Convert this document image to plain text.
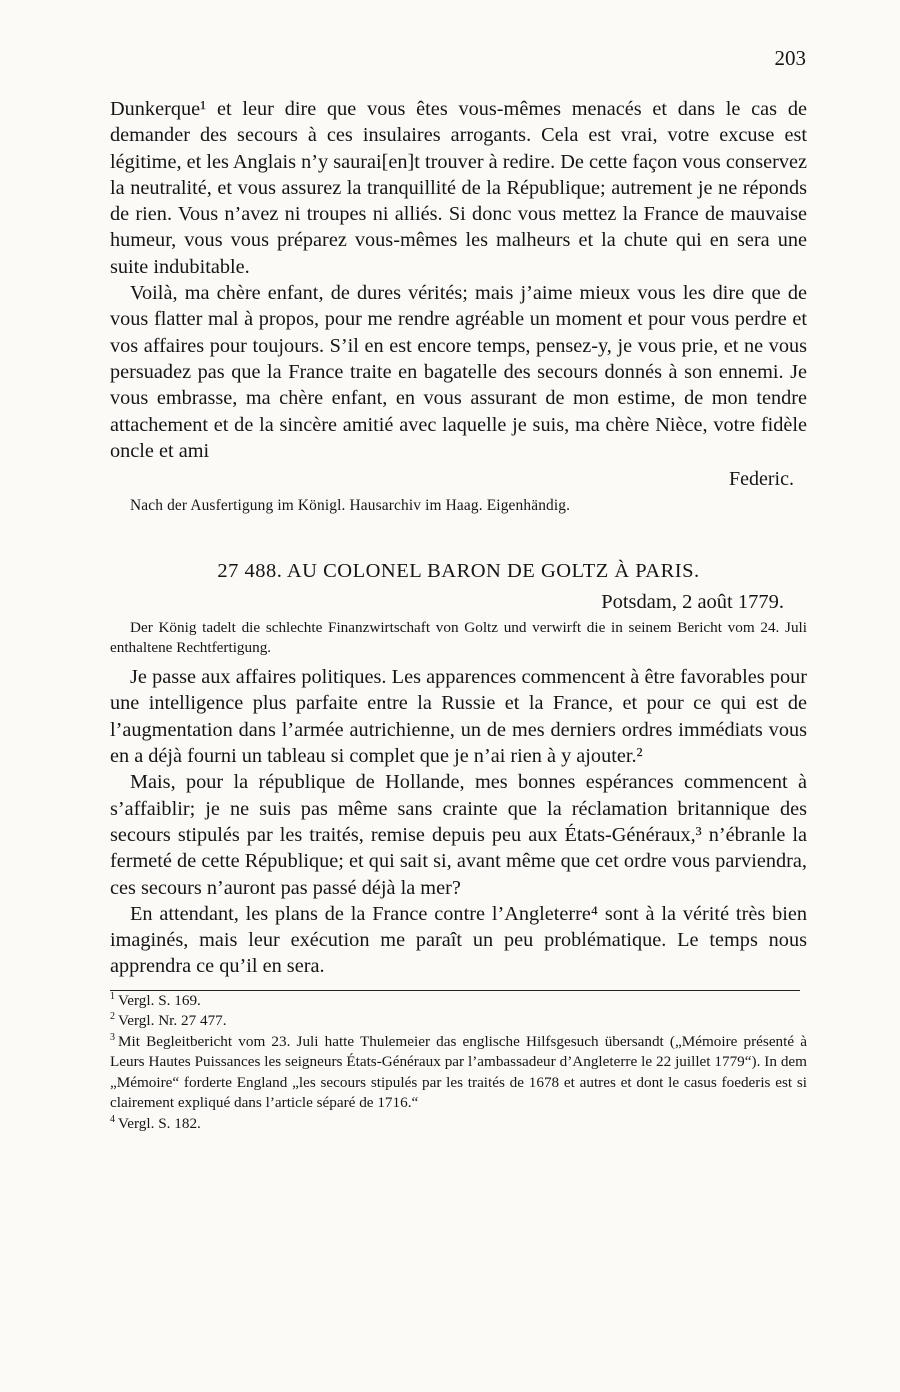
203

Dunkerque¹ et leur dire que vous êtes vous-mêmes menacés et dans le cas de demander des secours à ces insulaires arrogants. Cela est vrai, votre excuse est légitime, et les Anglais n’y saurai[en]t trouver à redire. De cette façon vous conservez la neutralité, et vous assurez la tranquillité de la République; autrement je ne réponds de rien. Vous n’avez ni troupes ni alliés. Si donc vous mettez la France de mauvaise humeur, vous vous préparez vous-mêmes les malheurs et la chute qui en sera une suite indubitable.

Voilà, ma chère enfant, de dures vérités; mais j’aime mieux vous les dire que de vous flatter mal à propos, pour me rendre agréable un moment et pour vous perdre et vos affaires pour toujours. S’il en est encore temps, pensez-y, je vous prie, et ne vous persuadez pas que la France traite en bagatelle des secours donnés à son ennemi. Je vous embrasse, ma chère enfant, en vous assurant de mon estime, de mon tendre attachement et de la sincère amitié avec laquelle je suis, ma chère Nièce, votre fidèle oncle et ami

Federic.
Nach der Ausfertigung im Königl. Hausarchiv im Haag. Eigenhändig.
27 488. AU COLONEL BARON DE GOLTZ À PARIS.
Potsdam, 2 août 1779.
Der König tadelt die schlechte Finanzwirtschaft von Goltz und verwirft die in seinem Bericht vom 24. Juli enthaltene Rechtfertigung.

Je passe aux affaires politiques. Les apparences commencent à être favorables pour une intelligence plus parfaite entre la Russie et la France, et pour ce qui est de l’augmentation dans l’armée autrichienne, un de mes derniers ordres immédiats vous en a déjà fourni un tableau si complet que je n’ai rien à y ajouter.²

Mais, pour la république de Hollande, mes bonnes espérances commencent à s’affaiblir; je ne suis pas même sans crainte que la réclamation britannique des secours stipulés par les traités, remise depuis peu aux États-Généraux,³ n’ébranle la fermeté de cette République; et qui sait si, avant même que cet ordre vous parviendra, ces secours n’auront pas passé déjà la mer?

En attendant, les plans de la France contre l’Angleterre⁴ sont à la vérité très bien imaginés, mais leur exécution me paraît un peu problématique. Le temps nous apprendra ce qu’il en sera.

$^1$ Vergl. S. 169.

$^2$ Vergl. Nr. 27 477.

$^3$ Mit Begleitbericht vom 23. Juli hatte Thulemeier das englische Hilfsgesuch übersandt („Mémoire présenté à Leurs Hautes Puissances les seigneurs États-Généraux par l’ambassadeur d’Angleterre le 22 juillet 1779“). In dem „Mémoire“ forderte England „les secours stipulés par les traités de 1678 et autres et dont le casus foederis est si clairement expliqué dans l’article séparé de 1716.“

$^4$ Vergl. S. 182.
